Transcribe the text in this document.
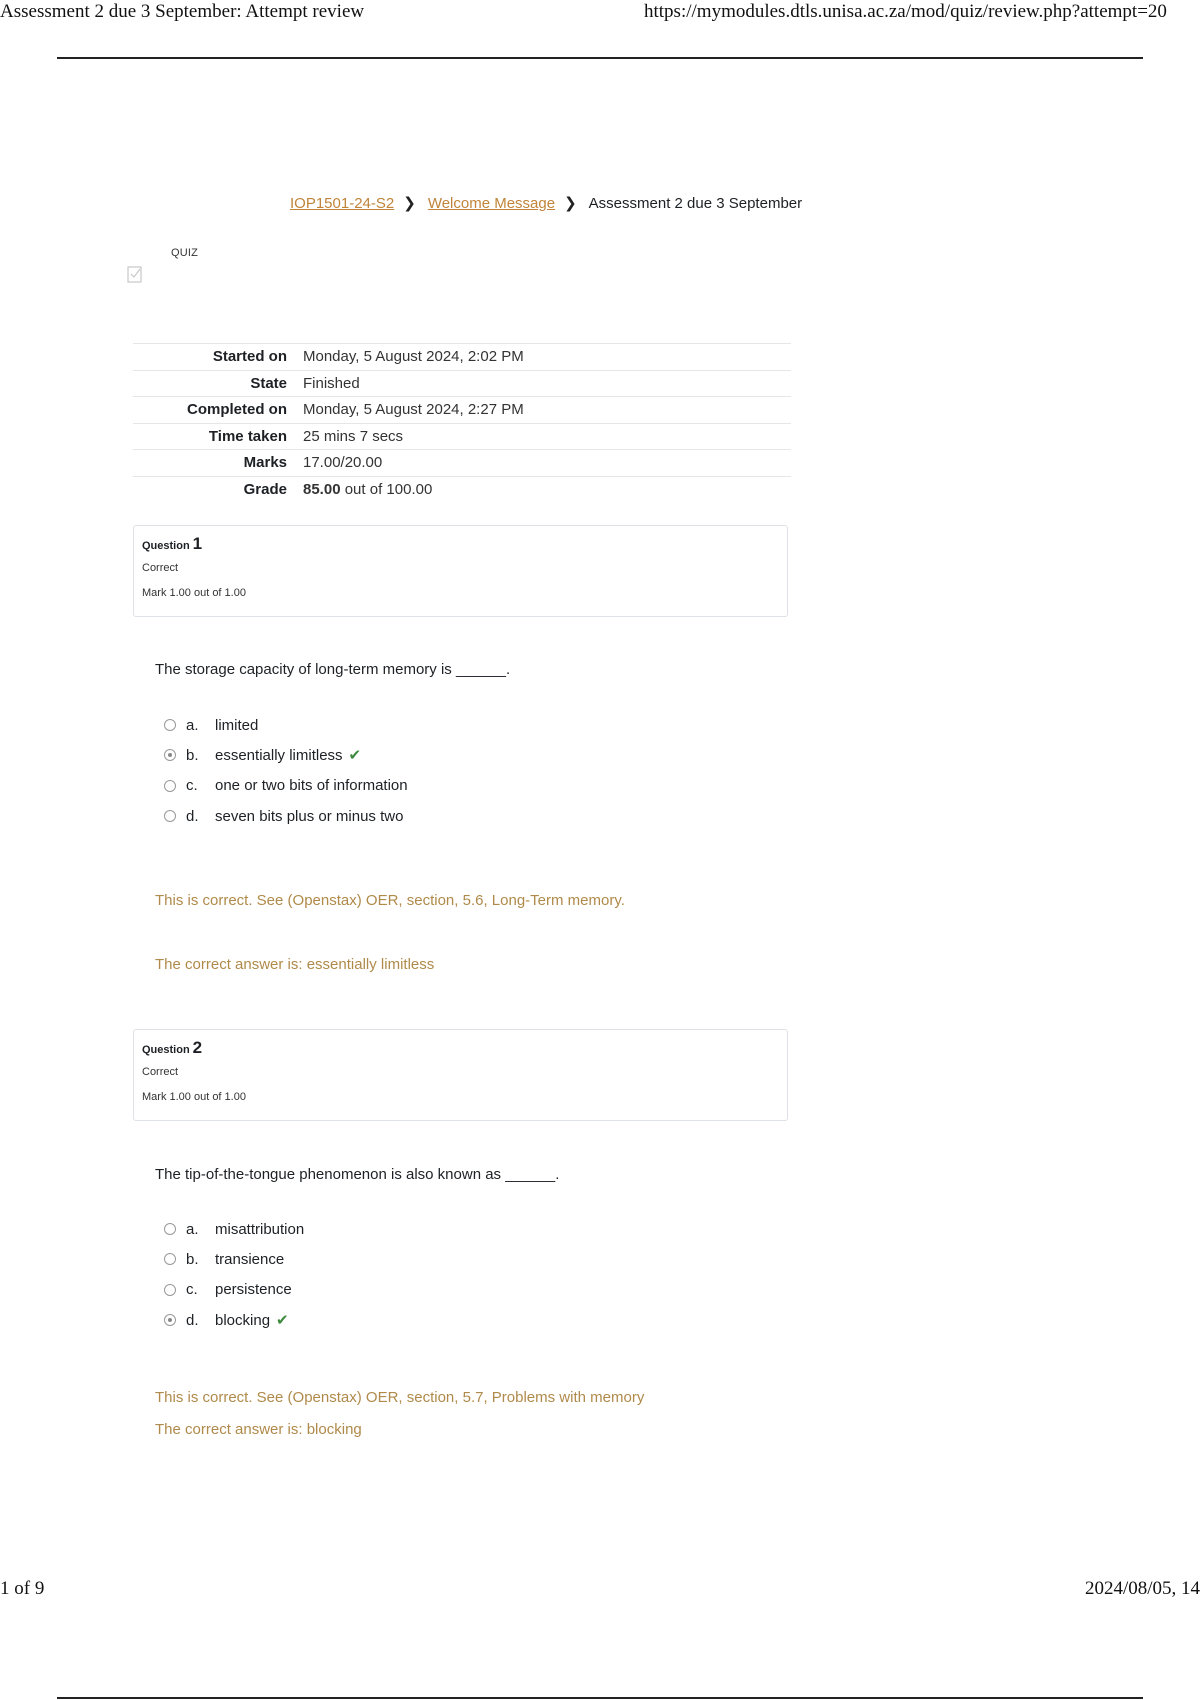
Assessment 2 due 3 September: Attempt review	https://mymodules.dtls.unisa.ac.za/mod/quiz/review.php?attempt=20
IOP1501-24-S2 ❯ Welcome Message ❯ Assessment 2 due 3 September
QUIZ
Started on	Monday, 5 August 2024, 2:02 PM
State	Finished
Completed on	Monday, 5 August 2024, 2:27 PM
Time taken	25 mins 7 secs
Marks	17.00/20.00
Grade	85.00 out of 100.00
Question 1
Correct
Mark 1.00 out of 1.00
The storage capacity of long-term memory is ______.
a.	limited
b.	essentially limitless ✔
c.	one or two bits of information
d.	seven bits plus or minus two
This is correct. See (Openstax) OER, section, 5.6, Long-Term memory.
The correct answer is: essentially limitless
Question 2
Correct
Mark 1.00 out of 1.00
The tip-of-the-tongue phenomenon is also known as ______.
a.	misattribution
b.	transience
c.	persistence
d.	blocking ✔
This is correct. See (Openstax) OER, section, 5.7, Problems with memory
The correct answer is: blocking
1 of 9	2024/08/05, 14
